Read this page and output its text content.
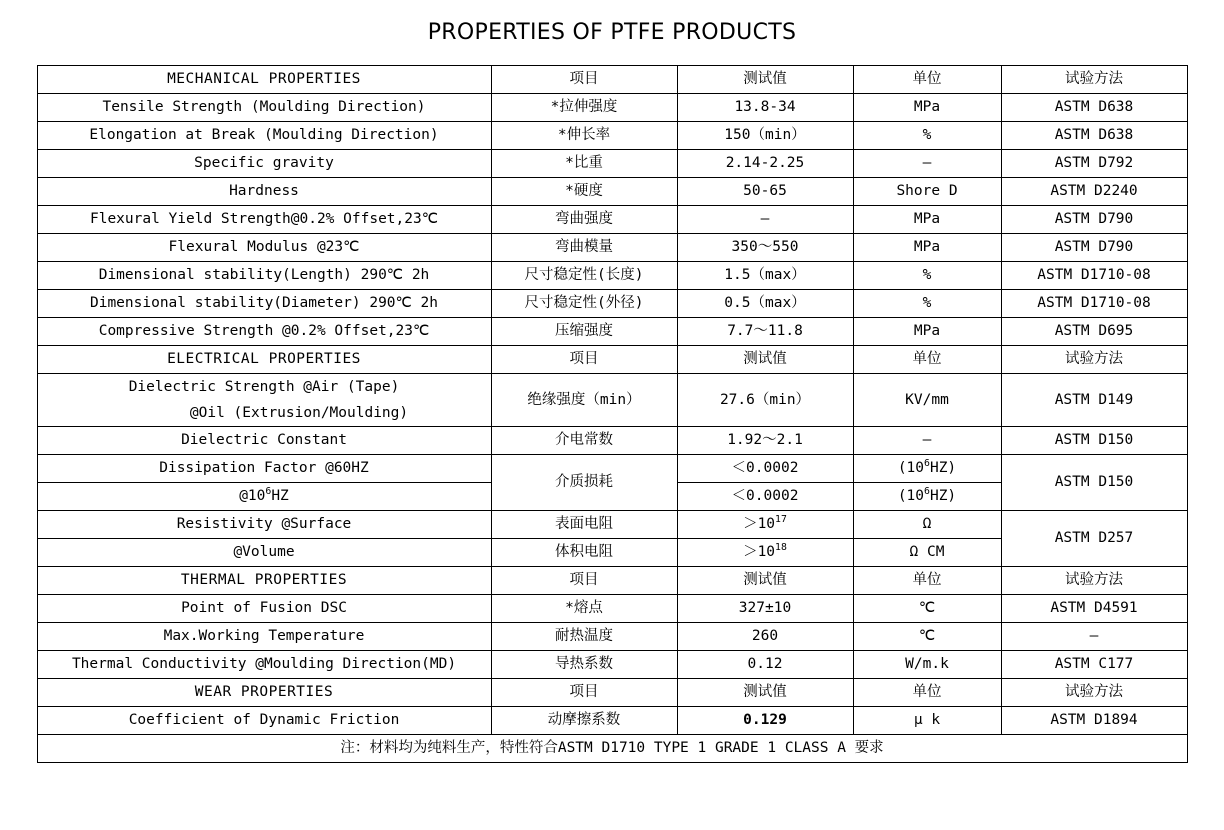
PROPERTIES OF PTFE PRODUCTS
MECHANICAL PROPERTIES	项目	测试值	单位	试验方法
Tensile Strength (Moulding Direction)	*拉伸强度	13.8-34	MPa	ASTM D638
Elongation at Break (Moulding Direction)	*伸长率	150（min）	%	ASTM D638
Specific gravity	*比重	2.14-2.25	—	ASTM D792
Hardness	*硬度	50-65	Shore D	ASTM D2240
Flexural Yield Strength@0.2% Offset,23℃	弯曲强度	—	MPa	ASTM D790
Flexural Modulus @23℃	弯曲模量	350～550	MPa	ASTM D790
Dimensional stability(Length) 290℃ 2h	尺寸稳定性(长度)	1.5（max）	%	ASTM D1710-08
Dimensional stability(Diameter) 290℃ 2h	尺寸稳定性(外径)	0.5（max）	%	ASTM D1710-08
Compressive Strength @0.2% Offset,23℃	压缩强度	7.7～11.8	MPa	ASTM D695
ELECTRICAL PROPERTIES	项目	测试值	单位	试验方法

Dielectric Strength @Air (Tape)
@Oil (Extrusion/Moulding)	绝缘强度（min）	27.6（min）	KV/mm	ASTM D149
Dielectric Constant	介电常数	1.92～2.1	—	ASTM D150
Dissipation Factor @60HZ	介质损耗	＜0.0002	$(10^6HZ)$	ASTM D150
$@10^6HZ$		＜0.0002	$(10^6HZ)$	
Resistivity @Surface	表面电阻	$>10^{17}$	Ω	ASTM D257
@Volume	体积电阻	$>10^{18}$	Ω CM	
THERMAL PROPERTIES	项目	测试值	单位	试验方法
Point of Fusion DSC	*熔点	327±10	℃	ASTM D4591
Max.Working Temperature	耐热温度	260	℃	—
Thermal Conductivity @Moulding Direction(MD)	导热系数	0.12	W/m.k	ASTM C177
WEAR PROPERTIES	项目	测试值	单位	试验方法
Coefficient of Dynamic Friction	动摩擦系数	0.129	μ k	ASTM D1894
注：材料均为纯料生产，特性符合ASTM D1710 TYPE 1 GRADE 1 CLASS A 要求				
